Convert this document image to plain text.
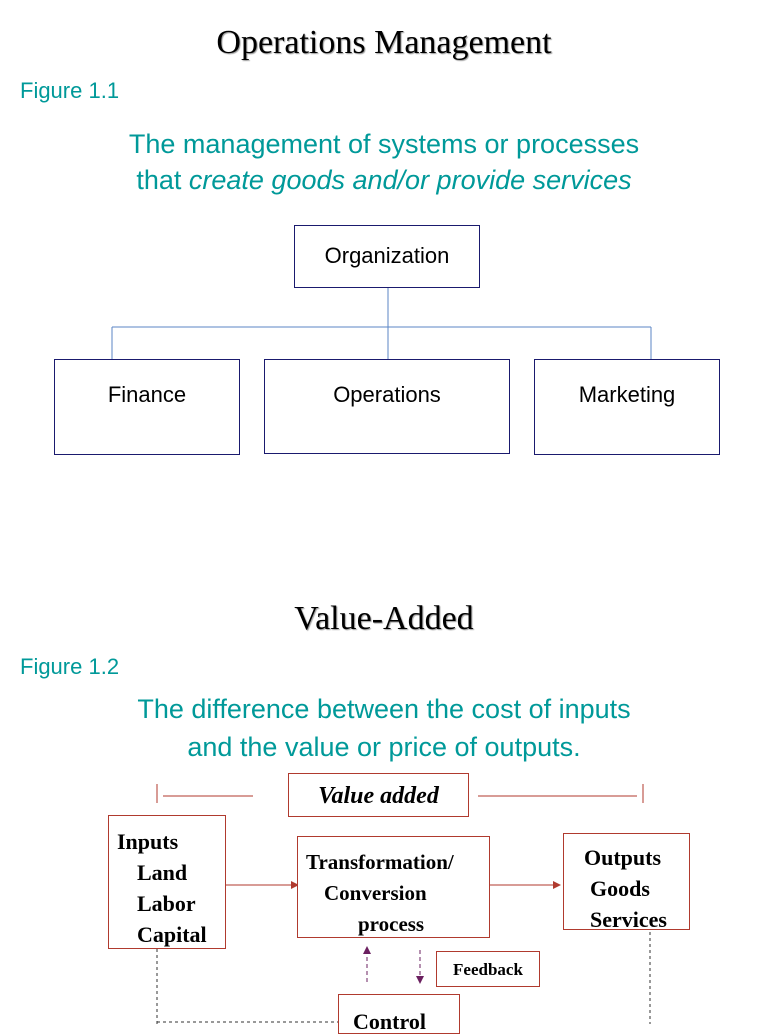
Operations Management
Figure 1.1
The management of systems or processes
that create goods and/or provide services
Organization
Finance	Operations	Marketing
Value-Added
Figure 1.2
The difference between the cost of inputs
and the value or price of outputs.
Value added
Inputs
Land
Labor
Capital
Transformation/
Conversion
process
Outputs
Goods
Services
Feedback
Control
